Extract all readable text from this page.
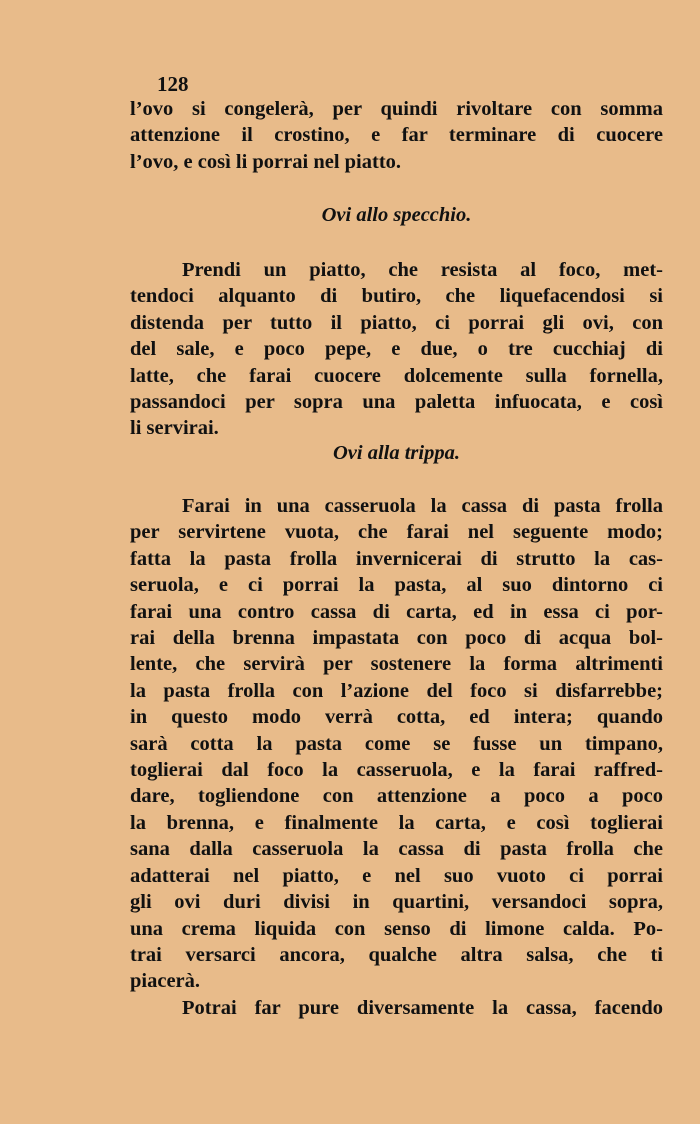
128
l’ovo si congelerà, per quindi rivoltare con somma
attenzione il crostino, e far terminare di cuocere
l’ovo, e così li porrai nel piatto.
Ovi allo specchio.
Prendi un piatto, che resista al foco, met-
tendoci alquanto di butiro, che liquefacendosi si
distenda per tutto il piatto, ci porrai gli ovi, con
del sale, e poco pepe, e due, o tre cucchiaj di
latte, che farai cuocere dolcemente sulla fornella,
passandoci per sopra una paletta infuocata, e così
li servirai.
Ovi alla trippa.
Farai in una casseruola la cassa di pasta frolla
per servirtene vuota, che farai nel seguente modo;
fatta la pasta frolla invernicerai di strutto la cas-
seruola, e ci porrai la pasta, al suo dintorno ci
farai una contro cassa di carta, ed in essa ci por-
rai della brenna impastata con poco di acqua bol-
lente, che servirà per sostenere la forma altrimenti
la pasta frolla con l’azione del foco si disfarrebbe;
in questo modo verrà cotta, ed intera; quando
sarà cotta la pasta come se fusse un timpano,
toglierai dal foco la casseruola, e la farai raffred-
dare, togliendone con attenzione a poco a poco
la brenna, e finalmente la carta, e così toglierai
sana dalla casseruola la cassa di pasta frolla che
adatterai nel piatto, e nel suo vuoto ci porrai
gli ovi duri divisi in quartini, versandoci sopra,
una crema liquida con senso di limone calda. Po-
trai versarci ancora, qualche altra salsa, che ti
piacerà.
Potrai far pure diversamente la cassa, facendo
